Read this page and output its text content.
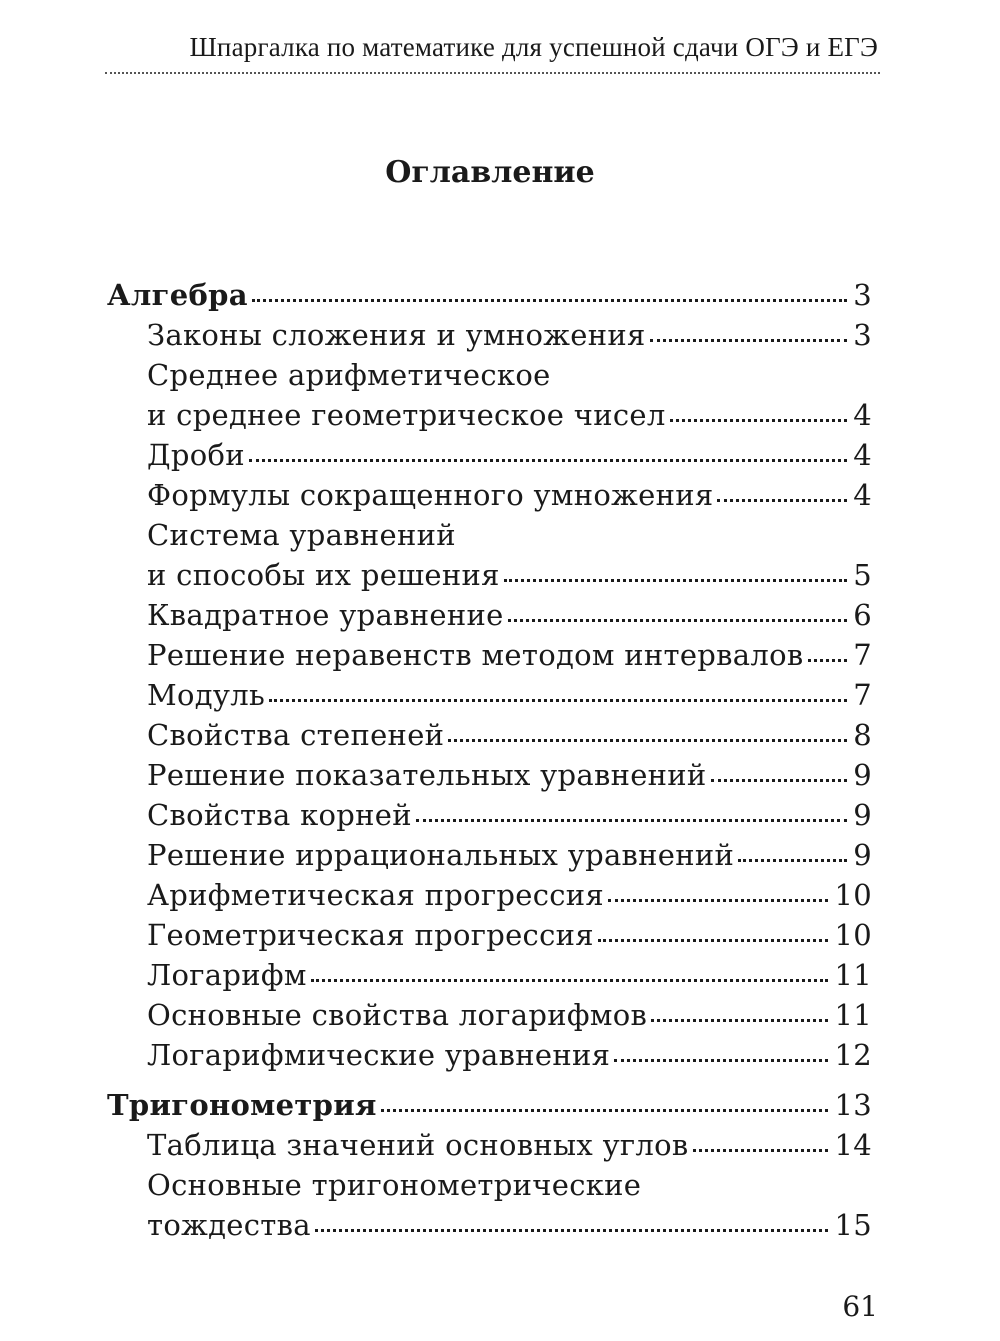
Шпаргалка по математике для успешной сдачи ОГЭ и ЕГЭ
Оглавление
Алгебра	3
Законы сложения и умножения	3
Среднее арифметическое
и среднее геометрическое чисел	4
Дроби	4
Формулы сокращенного умножения	4
Система уравнений
и способы их решения	5
Квадратное уравнение	6
Решение неравенств методом интервалов 7
Модуль	7
Свойства степеней	8
Решение показательных уравнений	9
Свойства корней	9
Решение иррациональных уравнений	9
Арифметическая прогрессия	10
Геометрическая прогрессия	10
Логарифм	11
Основные свойства логарифмов	11
Логарифмические уравнения	12
Тригонометрия	13
Таблица значений основных углов	14
Основные тригонометрические
тождества	15
61
